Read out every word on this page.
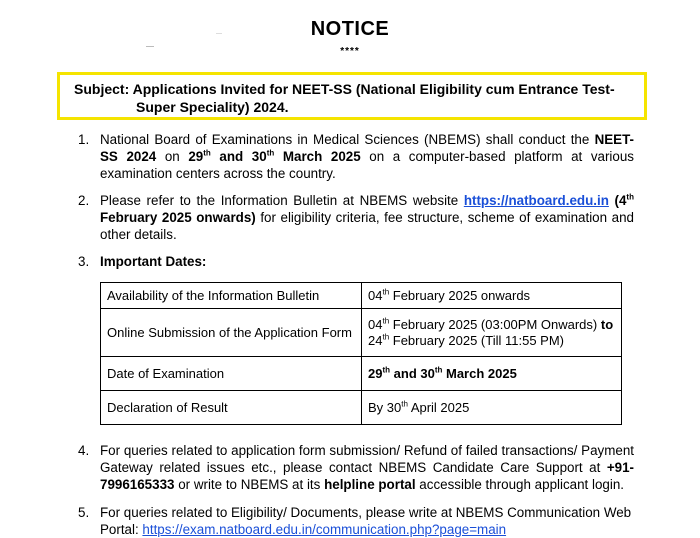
NOTICE
****
Subject: Applications Invited for NEET-SS (National Eligibility cum Entrance Test-
Super Speciality) 2024.
1. National Board of Examinations in Medical Sciences (NBEMS) shall conduct the NEET-SS 2024 on 29th and 30th March 2025 on a computer-based platform at various examination centers across the country.
2. Please refer to the Information Bulletin at NBEMS website https://natboard.edu.in (4th February 2025 onwards) for eligibility criteria, fee structure, scheme of examination and other details.
3. Important Dates:
Availability of the Information Bulletin	04th February 2025 onwards
Online Submission of the Application Form	04th February 2025 (03:00PM Onwards) to
24th February 2025 (Till 11:55 PM)
Date of Examination	29th and 30th March 2025
Declaration of Result	By 30th April 2025
4. For queries related to application form submission/ Refund of failed transactions/ Payment Gateway related issues etc., please contact NBEMS Candidate Care Support at +91-7996165333 or write to NBEMS at its helpline portal accessible through applicant login.
5. For queries related to Eligibility/ Documents, please write at NBEMS Communication Web Portal: https://exam.natboard.edu.in/communication.php?page=main
